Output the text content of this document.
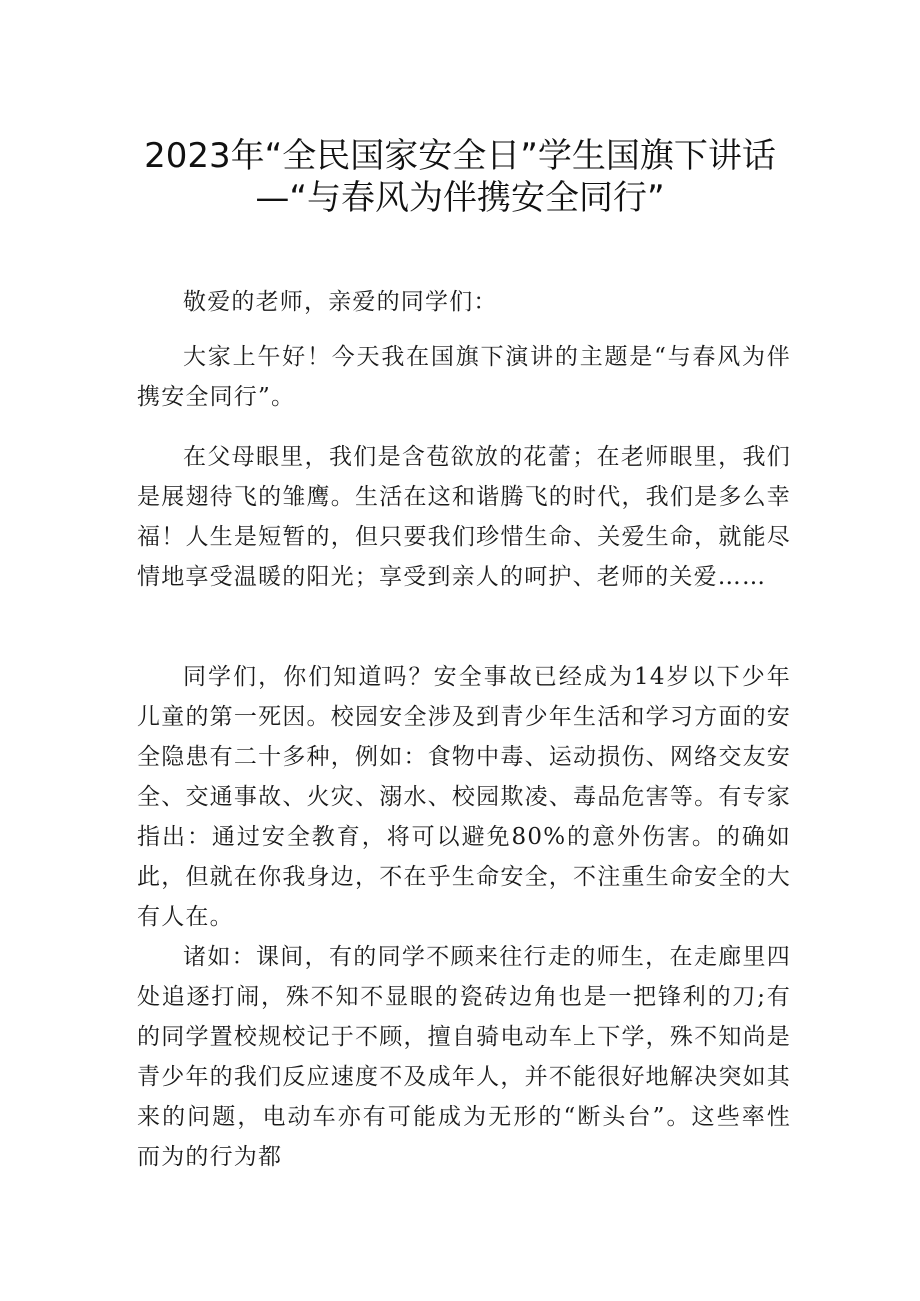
2023年“全民国家安全日”学生国旗下讲话
—“与春风为伴携安全同行”

敬爱的老师，亲爱的同学们：

大家上午好！今天我在国旗下演讲的主题是“与春风为伴携安全同行”。

在父母眼里，我们是含苞欲放的花蕾；在老师眼里，我们是展翅待飞的雏鹰。生活在这和谐腾飞的时代，我们是多么幸福！人生是短暂的，但只要我们珍惜生命、关爱生命，就能尽情地享受温暖的阳光；享受到亲人的呵护、老师的关爱……

同学们，你们知道吗？安全事故已经成为14岁以下少年儿童的第一死因。校园安全涉及到青少年生活和学习方面的安全隐患有二十多种，例如：食物中毒、运动损伤、网络交友安全、交通事故、火灾、溺水、校园欺凌、毒品危害等。有专家指出：通过安全教育，将可以避免80%的意外伤害。的确如此，但就在你我身边，不在乎生命安全，不注重生命安全的大有人在。

诸如：课间，有的同学不顾来往行走的师生，在走廊里四处追逐打闹，殊不知不显眼的瓷砖边角也是一把锋利的刀;有的同学置校规校记于不顾，擅自骑电动车上下学，殊不知尚是青少年的我们反应速度不及成年人，并不能很好地解决突如其来的问题，电动车亦有可能成为无形的“断头台”。这些率性而为的行为都
